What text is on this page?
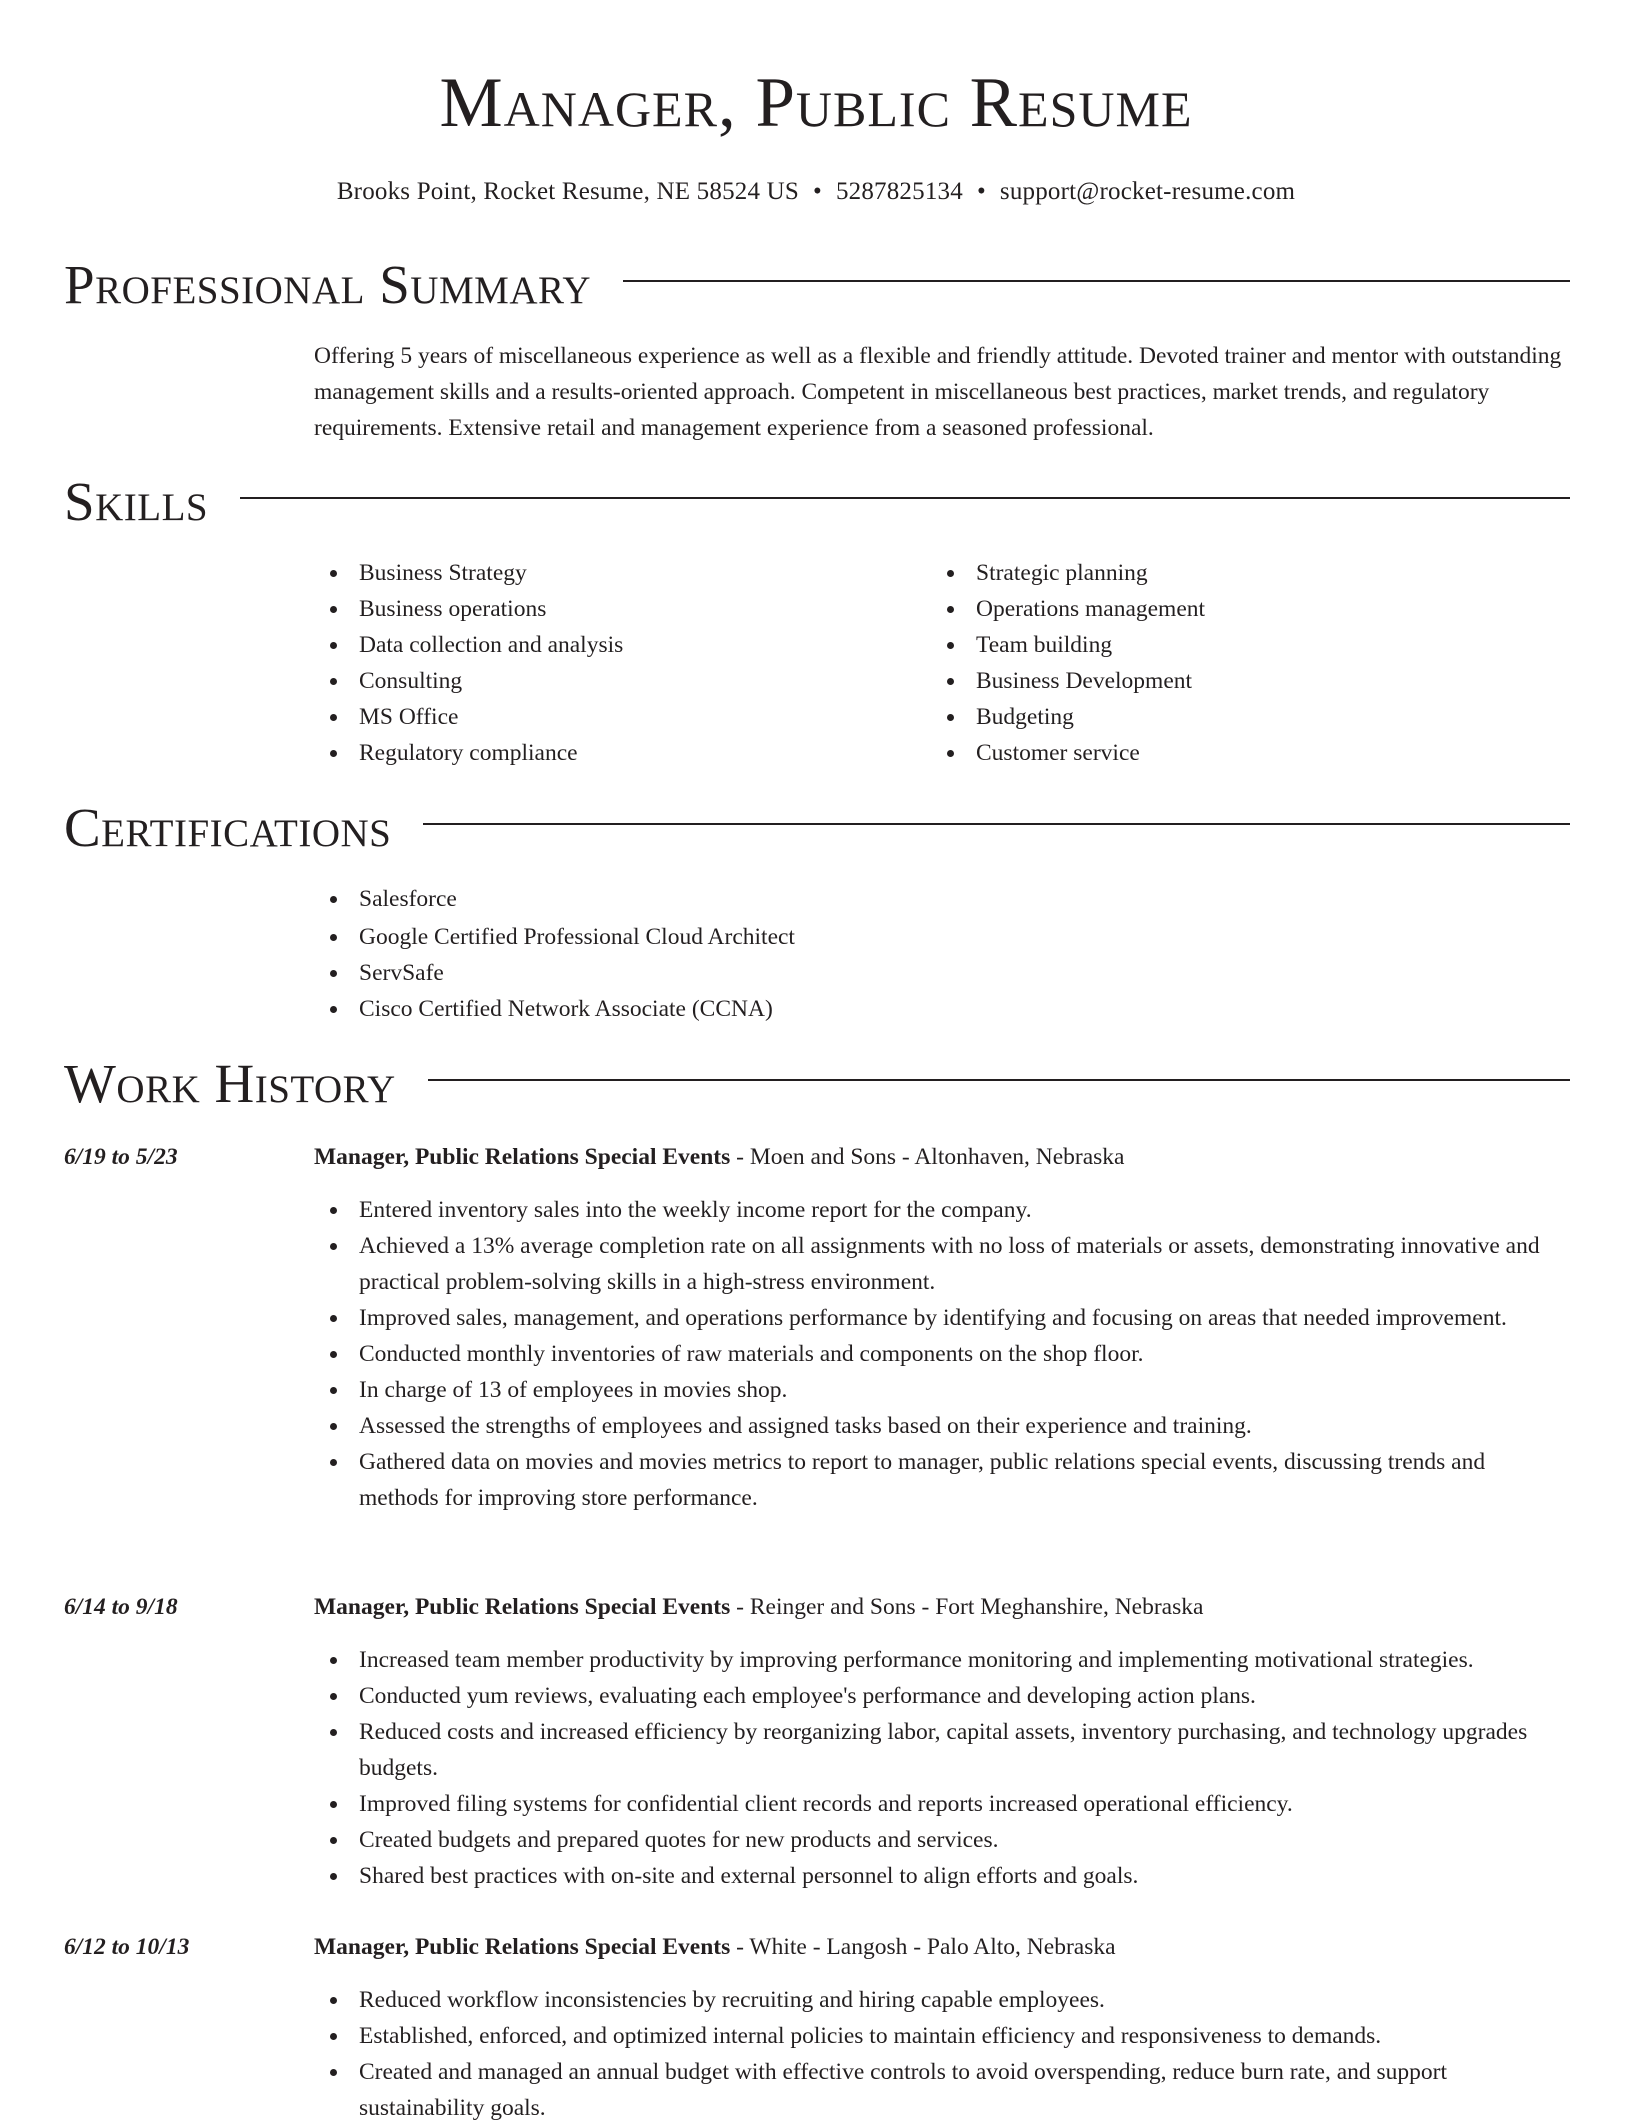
Manager, Public Resume
Brooks Point, Rocket Resume, NE 58524 US • 5287825134 • support@rocket-resume.com
Professional Summary

Offering 5 years of miscellaneous experience as well as a flexible and friendly attitude. Devoted trainer and mentor with outstanding management skills and a results-oriented approach. Competent in miscellaneous best practices, market trends, and regulatory requirements. Extensive retail and management experience from a seasoned professional.

Skills
Business Strategy
Business operations
Data collection and analysis
Consulting
MS Office
Regulatory compliance
Strategic planning
Operations management
Team building
Business Development
Budgeting
Customer service
Certifications
Salesforce
Google Certified Professional Cloud Architect
ServSafe
Cisco Certified Network Associate (CCNA)
Work History
6/19 to 5/23	Manager, Public Relations Special Events - Moen and Sons - Altonhaven, Nebraska
Entered inventory sales into the weekly income report for the company.
Achieved a 13% average completion rate on all assignments with no loss of materials or assets, demonstrating innovative and practical problem-solving skills in a high-stress environment.
Improved sales, management, and operations performance by identifying and focusing on areas that needed improvement.
Conducted monthly inventories of raw materials and components on the shop floor.
In charge of 13 of employees in movies shop.
Assessed the strengths of employees and assigned tasks based on their experience and training.
Gathered data on movies and movies metrics to report to manager, public relations special events, discussing trends and methods for improving store performance.
6/14 to 9/18	Manager, Public Relations Special Events - Reinger and Sons - Fort Meghanshire, Nebraska
Increased team member productivity by improving performance monitoring and implementing motivational strategies.
Conducted yum reviews, evaluating each employee's performance and developing action plans.
Reduced costs and increased efficiency by reorganizing labor, capital assets, inventory purchasing, and technology upgrades budgets.
Improved filing systems for confidential client records and reports increased operational efficiency.
Created budgets and prepared quotes for new products and services.
Shared best practices with on-site and external personnel to align efforts and goals.
6/12 to 10/13	Manager, Public Relations Special Events - White - Langosh - Palo Alto, Nebraska
Reduced workflow inconsistencies by recruiting and hiring capable employees.
Established, enforced, and optimized internal policies to maintain efficiency and responsiveness to demands.
Created and managed an annual budget with effective controls to avoid overspending, reduce burn rate, and support sustainability goals.
